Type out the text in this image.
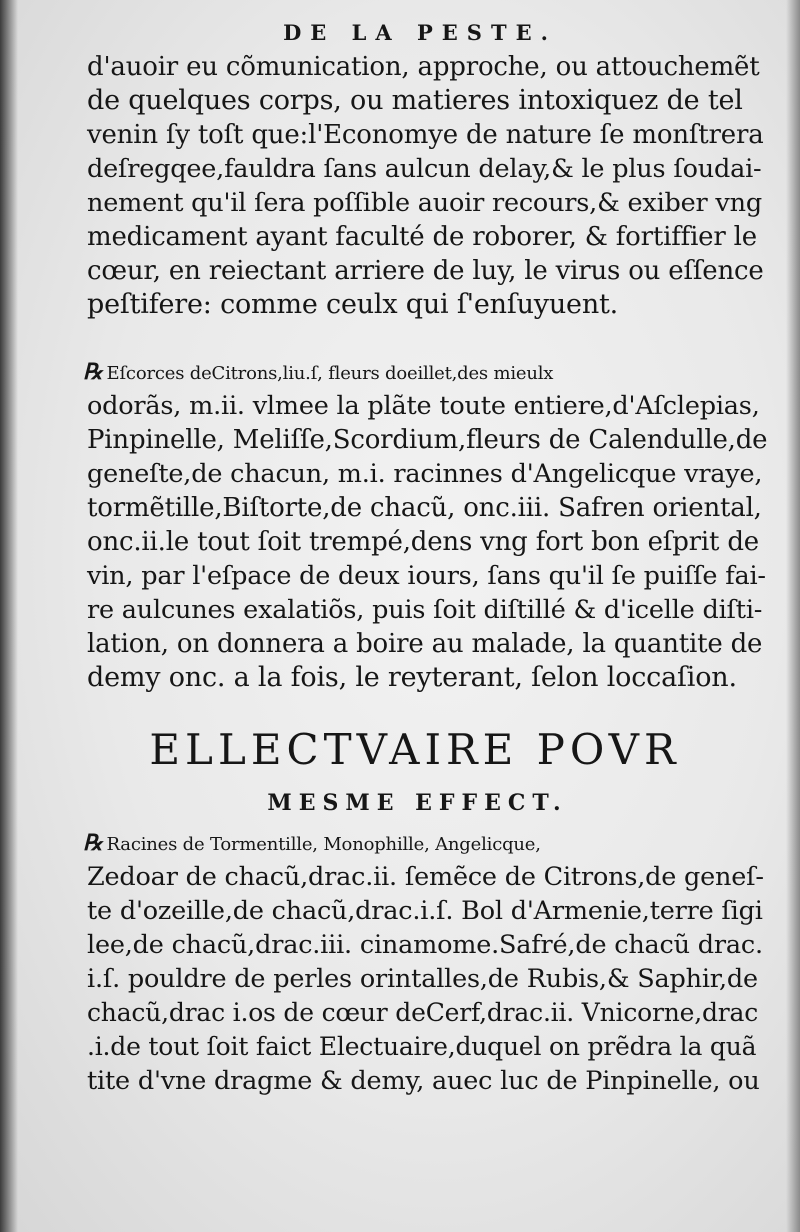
DE LA PESTE.
d'auoir eu cõmunication, approche, ou attouchemẽt
de quelques corps, ou matieres intoxiquez de tel
venin ſy toſt que:l'Economye de nature ſe monſtrera
deſregqee,fauldra ſans aulcun delay,& le plus ſoudai-
nement qu'il ſera poſſible auoir recours,& exiber vng
medicament ayant faculté de roborer, & fortiffier le
cœur, en reiectant arriere de luy, le virus ou eſſence
peſtifere: comme ceulx qui ſ'enſuyuent.
℞ Eſcorces deCitrons,liu.ſ, fleurs doeillet,des mieulx
odorãs, m.ii. vlmee la plãte toute entiere,d'Aſclepias,
Pinpinelle, Meliſſe,Scordium,fleurs de Calendulle,de
geneſte,de chacun, m.i. racinnes d'Angelicque vraye,
tormẽtille,Biſtorte,de chacũ, onc.iii. Safren oriental,
onc.ii.le tout ſoit trempé,dens vng fort bon eſprit de
vin, par l'eſpace de deux iours, ſans qu'il ſe puiſſe fai-
re aulcunes exalatiõs, puis ſoit diſtillé & d'icelle diſti-
lation, on donnera a boire au malade, la quantite de
demy onc. a la fois, le reyterant, ſelon loccaſion.
ELLECTVAIRE POVR
MESME EFFECT.
℞ Racines de Tormentille, Monophille, Angelicque,
Zedoar de chacũ,drac.ii. ſemẽce de Citrons,de geneſ-
te d'ozeille,de chacũ,drac.i.ſ. Bol d'Armenie,terre ſigi
lee,de chacũ,drac.iii. cinamome.Safré,de chacũ drac.
i.ſ. pouldre de perles orintalles,de Rubis,& Saphir,de
chacũ,drac i.os de cœur deCerf,drac.ii. Vnicorne,drac
.i.de tout ſoit faict Electuaire,duquel on prẽdra la quã
tite d'vne dragme & demy, auec luc de Pinpinelle, ou
